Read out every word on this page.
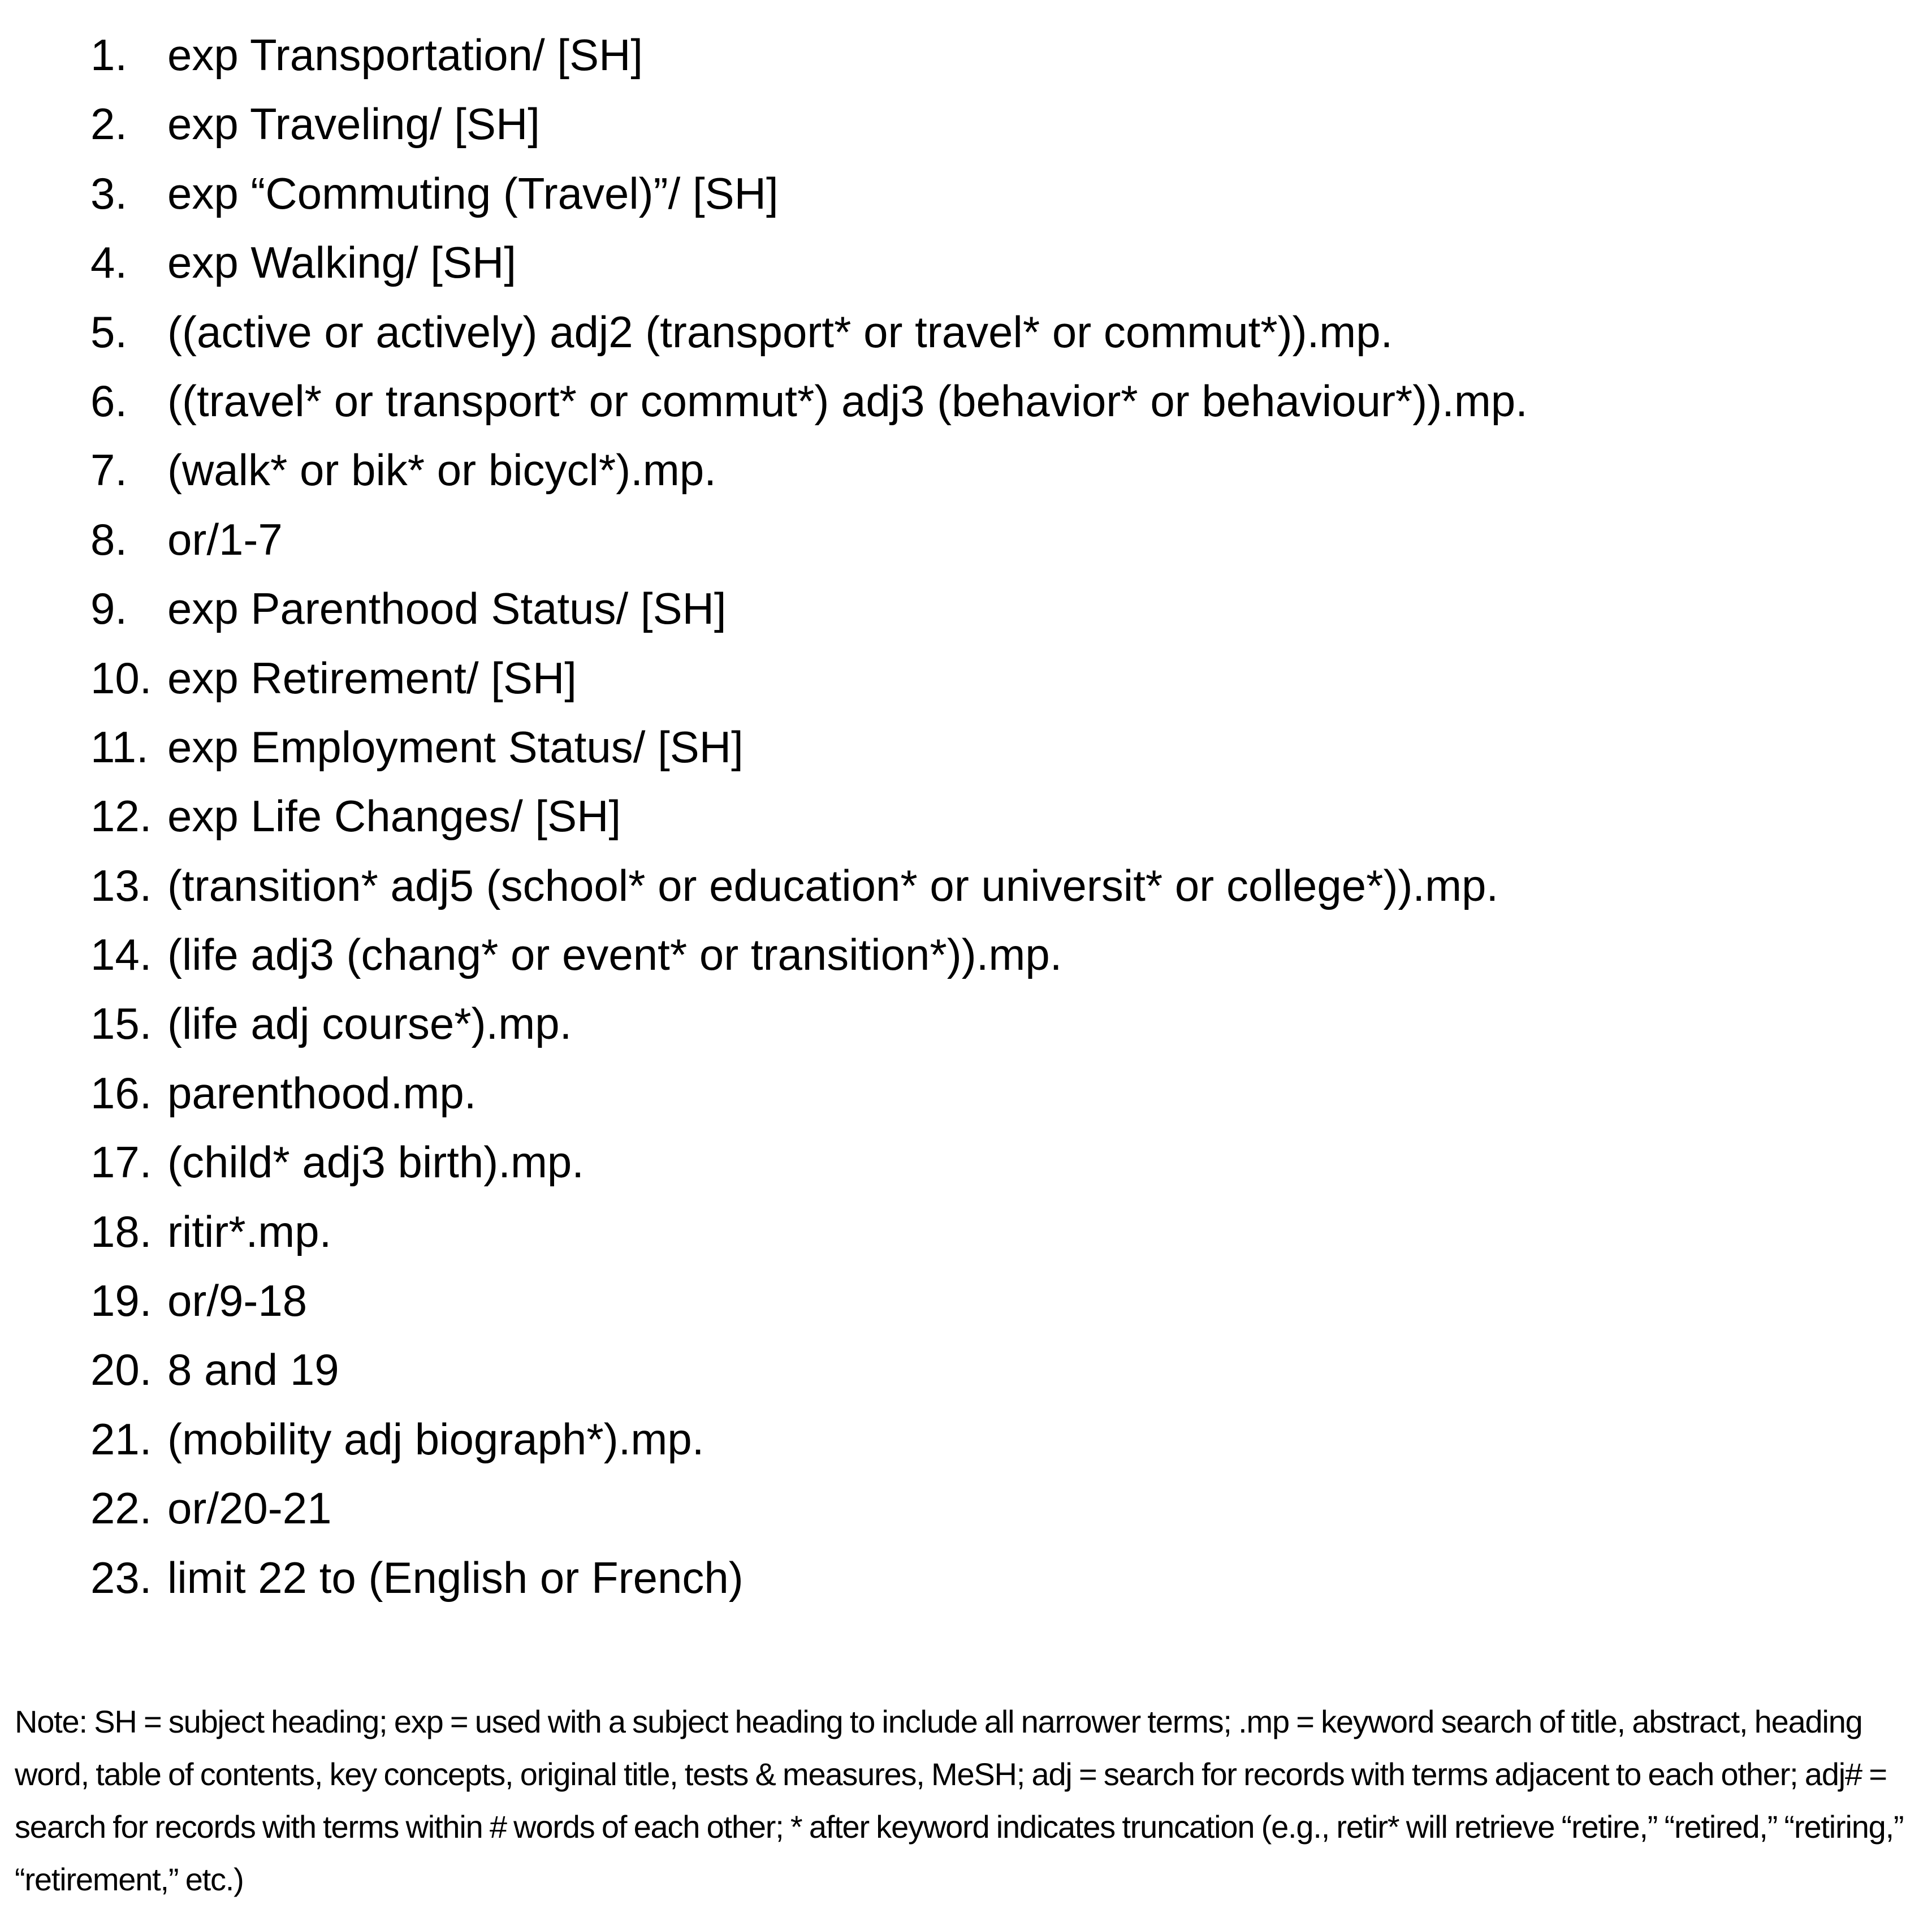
1. exp Transportation/ [SH]
2. exp Traveling/ [SH]
3. exp “Commuting (Travel)”/ [SH]
4. exp Walking/ [SH]
5. ((active or actively) adj2 (transport* or travel* or commut*)).mp.
6. ((travel* or transport* or commut*) adj3 (behavior* or behaviour*)).mp.
7. (walk* or bik* or bicycl*).mp.
8. or/1-7
9. exp Parenthood Status/ [SH]
10. exp Retirement/ [SH]
11. exp Employment Status/ [SH]
12. exp Life Changes/ [SH]
13. (transition* adj5 (school* or education* or universit* or college*)).mp.
14. (life adj3 (chang* or event* or transition*)).mp.
15. (life adj course*).mp.
16. parenthood.mp.
17. (child* adj3 birth).mp.
18. ritir*.mp.
19. or/9-18
20. 8 and 19
21. (mobility adj biograph*).mp.
22. or/20-21
23. limit 22 to (English or French)

Note: SH = subject heading; exp = used with a subject heading to include all narrower terms; .mp = keyword search of title, abstract, heading word, table of contents, key concepts, original title, tests & measures, MeSH; adj = search for records with terms adjacent to each other; adj# = search for records with terms within # words of each other; * after keyword indicates truncation (e.g., retir* will retrieve “retire,” “retired,” “retiring,” “retirement,” etc.)
